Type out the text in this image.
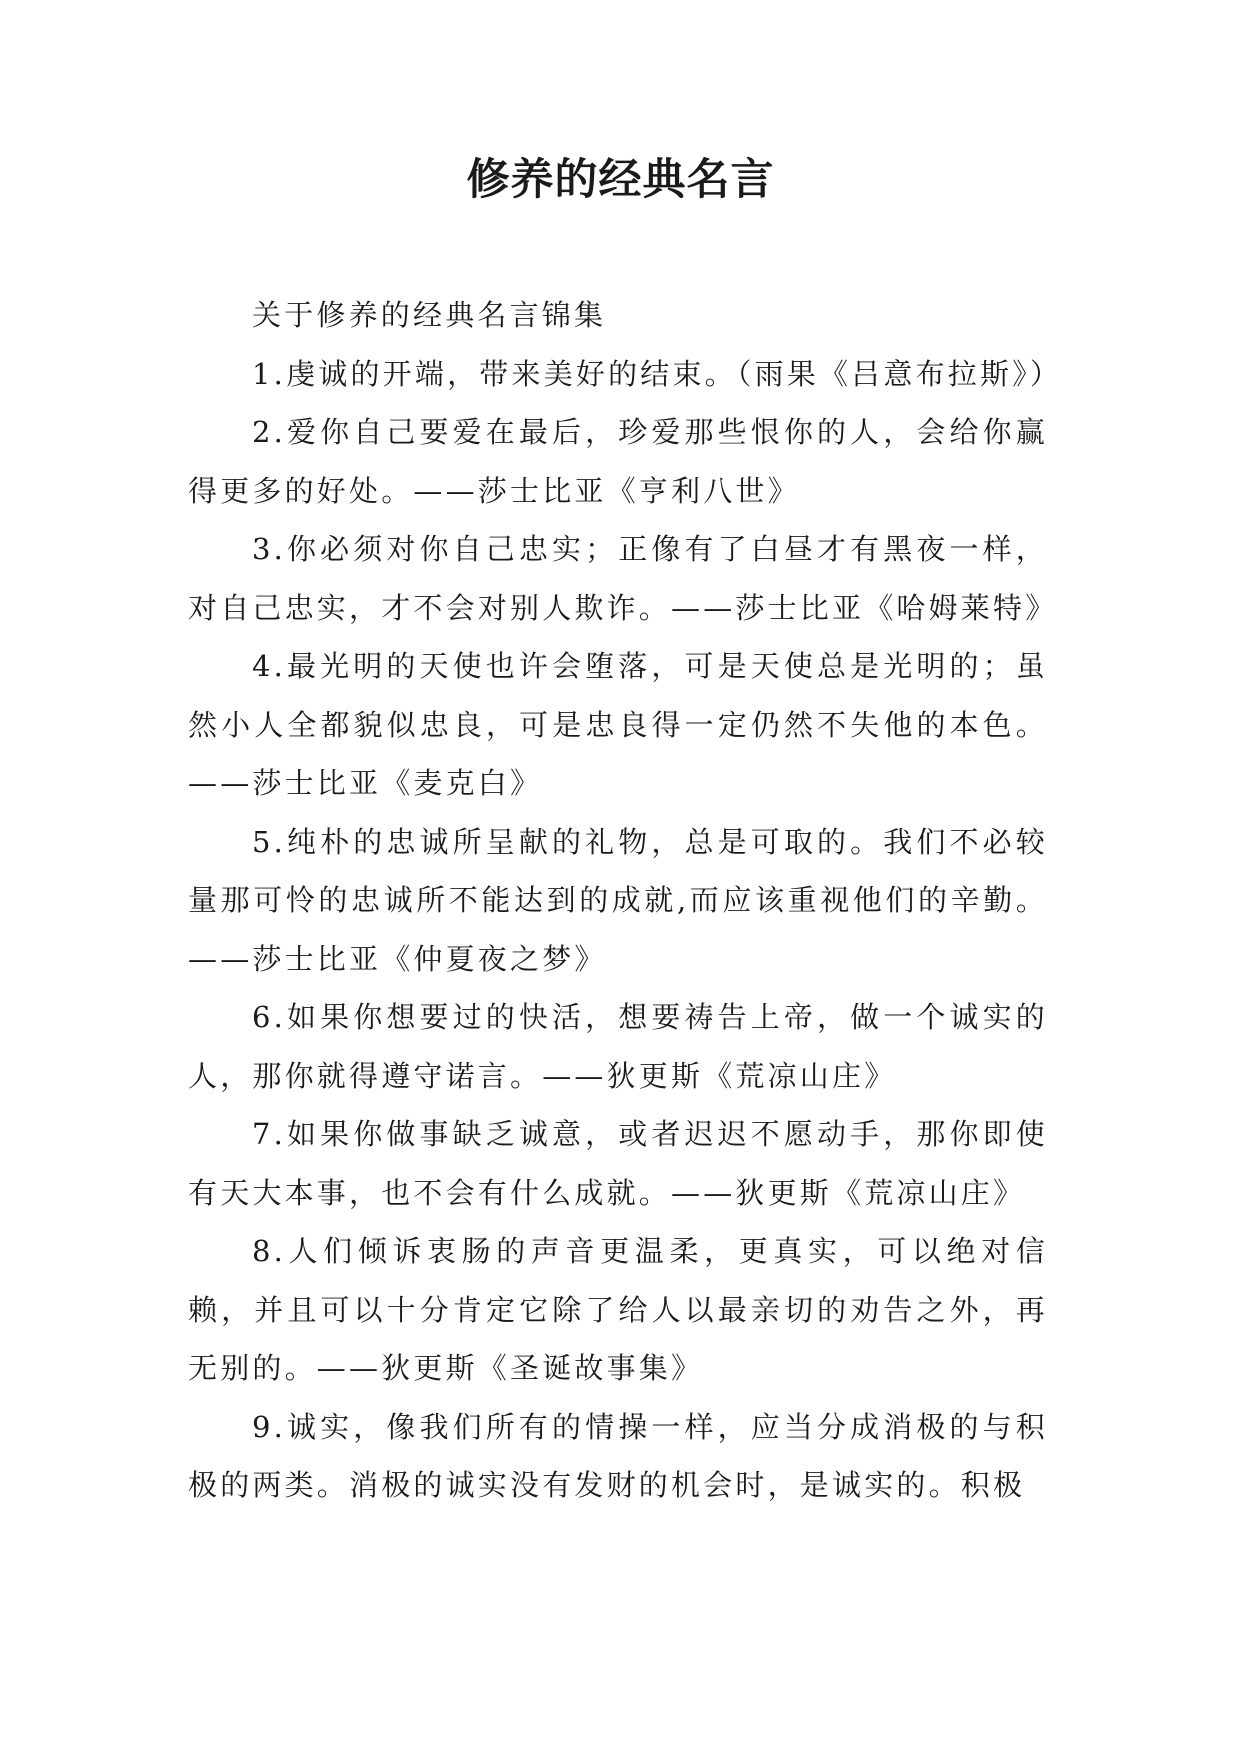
修养的经典名言

关于修养的经典名言锦集

1.虔诚的开端，带来美好的结束。（雨果《吕意布拉斯》）

2.爱你自己要爱在最后，珍爱那些恨你的人，会给你赢得更多的好处。——莎士比亚《亨利八世》

3.你必须对你自己忠实；正像有了白昼才有黑夜一样，对自己忠实，才不会对别人欺诈。——莎士比亚《哈姆莱特》

4.最光明的天使也许会堕落，可是天使总是光明的；虽然小人全都貌似忠良，可是忠良得一定仍然不失他的本色。——莎士比亚《麦克白》

5.纯朴的忠诚所呈献的礼物，总是可取的。我们不必较量那可怜的忠诚所不能达到的成就,而应该重视他们的辛勤。——莎士比亚《仲夏夜之梦》

6.如果你想要过的快活，想要祷告上帝，做一个诚实的人，那你就得遵守诺言。——狄更斯《荒凉山庄》

7.如果你做事缺乏诚意，或者迟迟不愿动手，那你即使有天大本事，也不会有什么成就。——狄更斯《荒凉山庄》

8.人们倾诉衷肠的声音更温柔，更真实，可以绝对信赖，并且可以十分肯定它除了给人以最亲切的劝告之外，再无别的。——狄更斯《圣诞故事集》

9.诚实，像我们所有的情操一样，应当分成消极的与积极的两类。消极的诚实没有发财的机会时，是诚实的。积极
